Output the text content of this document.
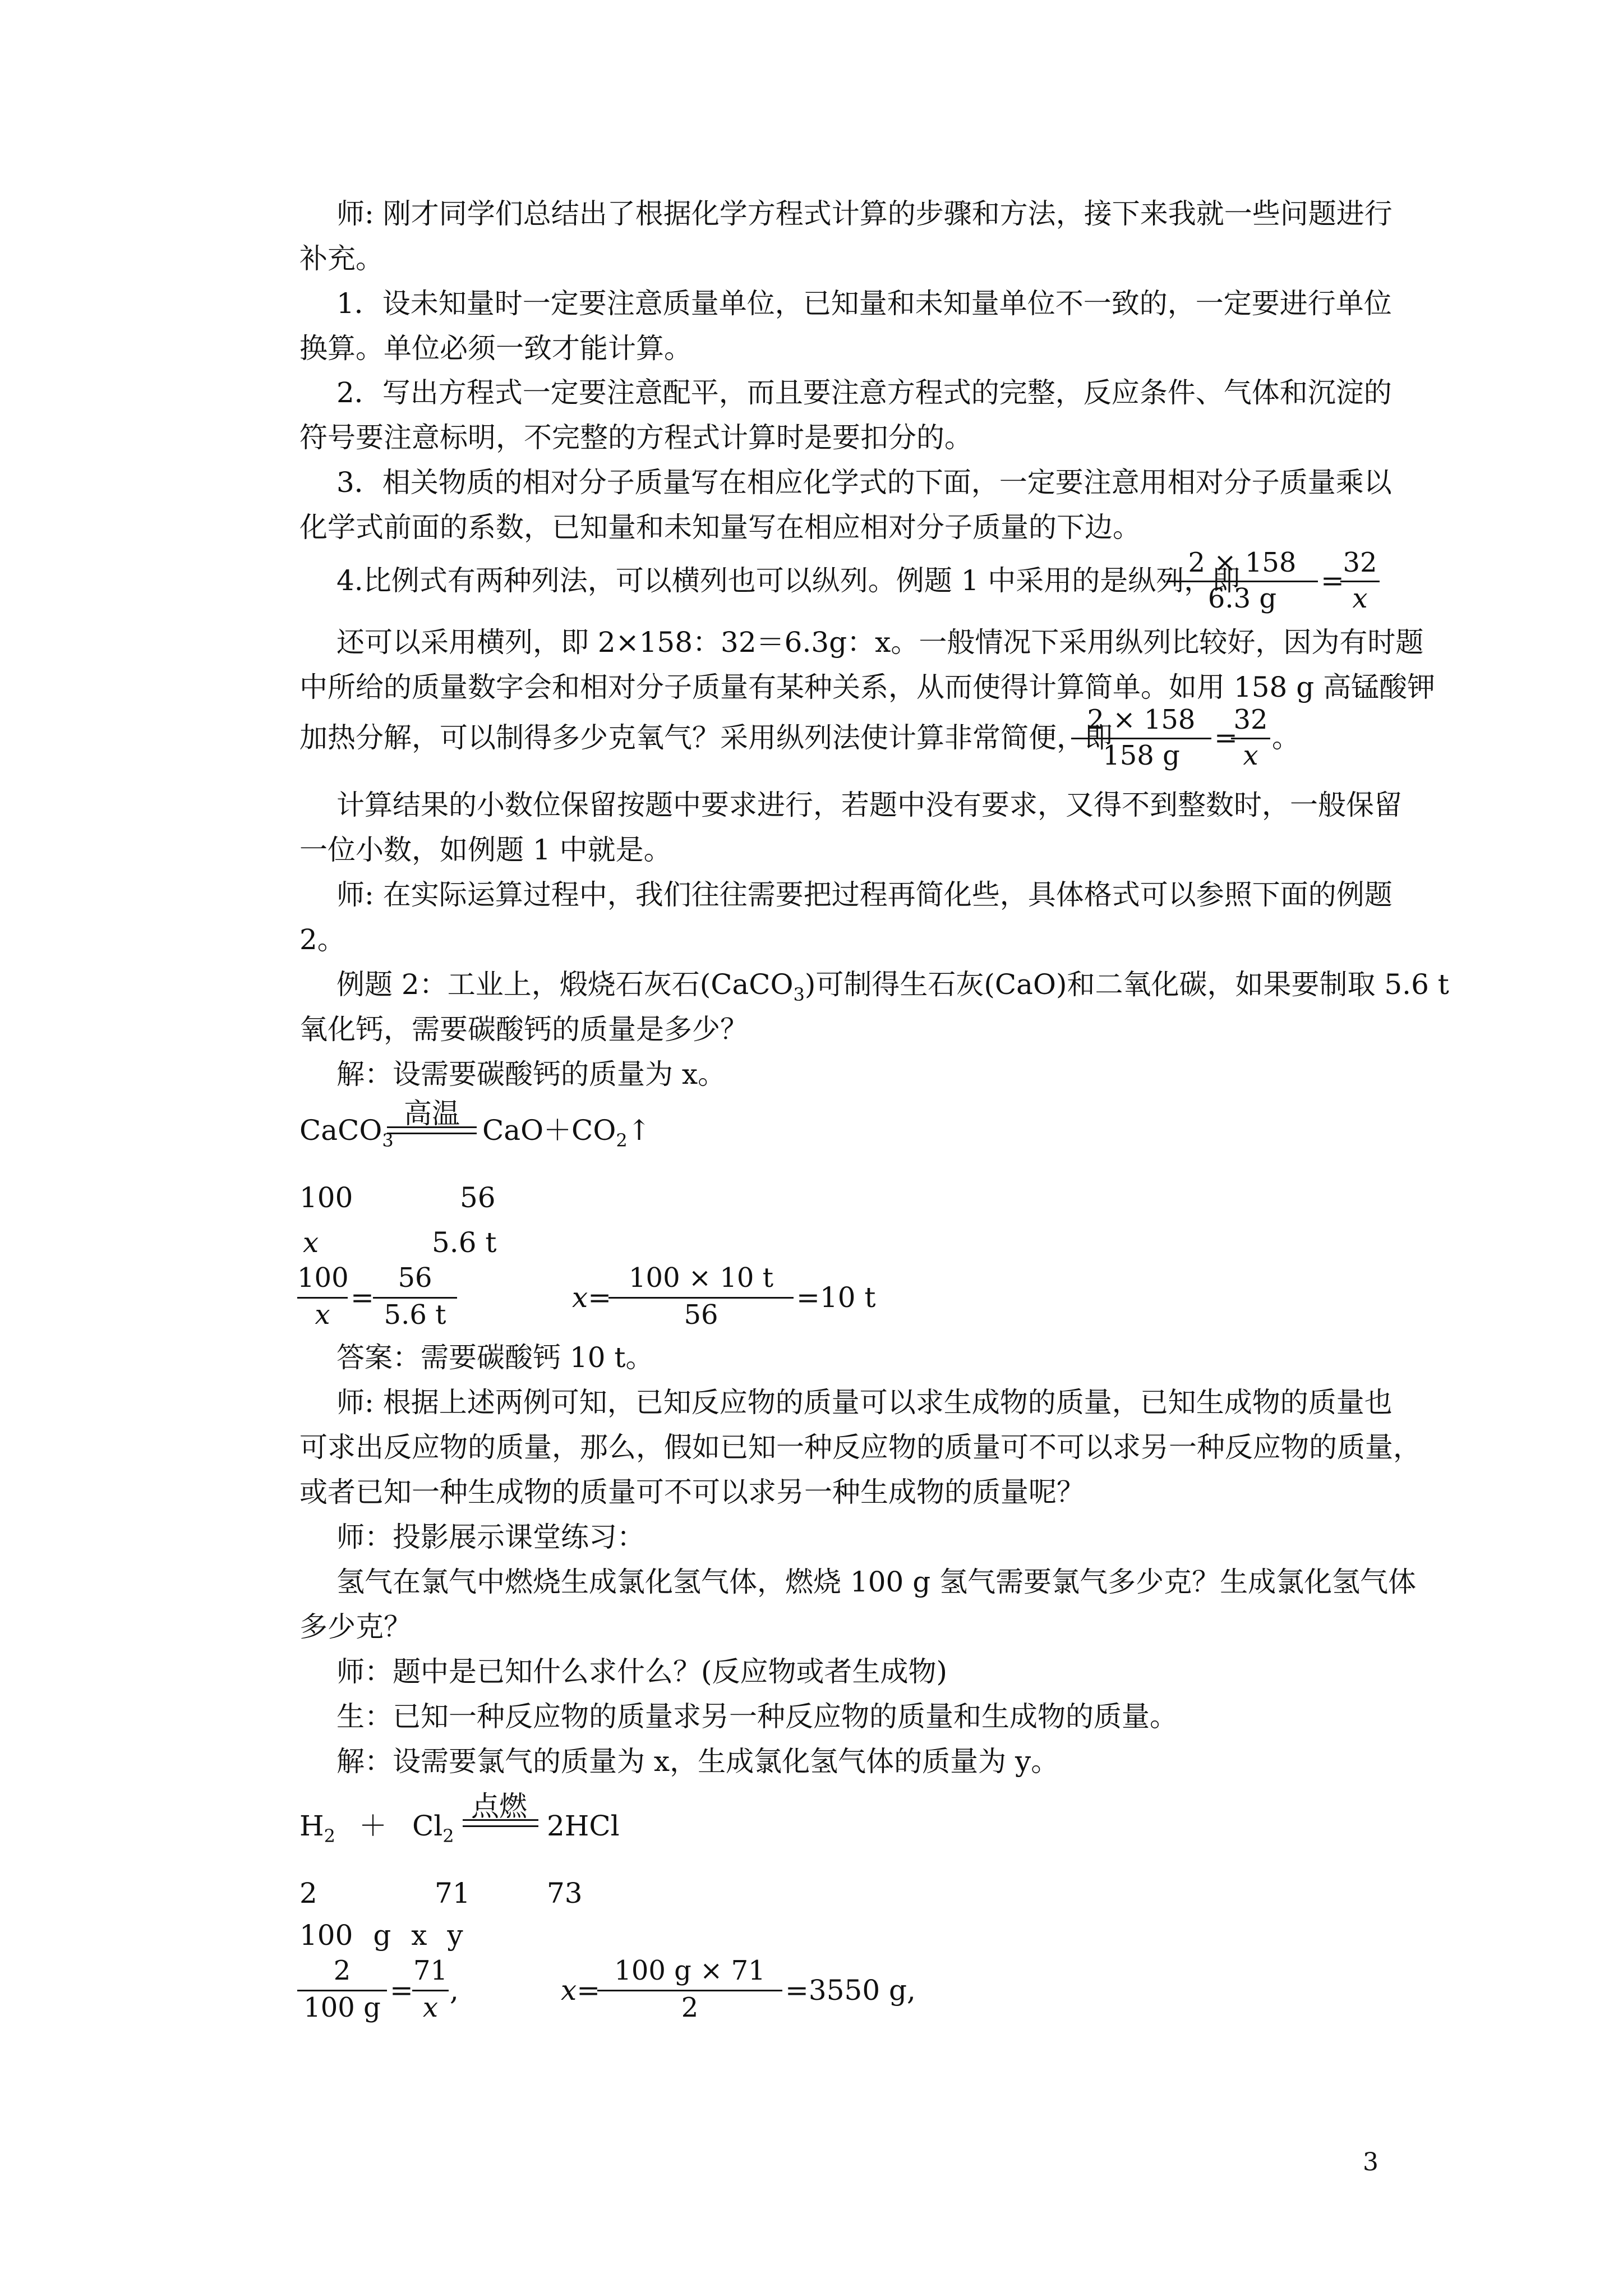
师: 刚才同学们总结出了根据化学方程式计算的步骤和方法，接下来我就一些问题进行
补充。
1．设未知量时一定要注意质量单位，已知量和未知量单位不一致的，一定要进行单位
换算。单位必须一致才能计算。
2．写出方程式一定要注意配平，而且要注意方程式的完整，反应条件、气体和沉淀的
符号要注意标明，不完整的方程式计算时是要扣分的。
3．相关物质的相对分子质量写在相应化学式的下面，一定要注意用相对分子质量乘以
化学式前面的系数，已知量和未知量写在相应相对分子质量的下边。
4.比例式有两种列法，可以横列也可以纵列。例题 1 中采用的是纵列，即
2 × 158
6.3 g
=
32
x
还可以采用横列，即 2×158：32＝6.3g：x。一般情况下采用纵列比较好，因为有时题
中所给的质量数字会和相对分子质量有某种关系，从而使得计算简单。如用 158 g 高锰酸钾
加热分解，可以制得多少克氧气？采用纵列法使计算非常简便，即
2 × 158
158 g
=
32
x
。
计算结果的小数位保留按题中要求进行，若题中没有要求，又得不到整数时，一般保留
一位小数，如例题 1 中就是。
师: 在实际运算过程中，我们往往需要把过程再简化些，具体格式可以参照下面的例题
2。
例题 2：工业上，煅烧石灰石(CaCO$_3$)可制得生石灰(CaO)和二氧化碳，如果要制取 5.6 t
氧化钙，需要碳酸钙的质量是多少？
解：设需要碳酸钙的质量为 x。
CaCO$_3$
高温
$CaO+CO_2↑$
100	56
x	5.6 t
100
x
=
56
5.6 t
x=
100 × 10 t
56
=10 t
答案：需要碳酸钙 10 t。
师: 根据上述两例可知，已知反应物的质量可以求生成物的质量，已知生成物的质量也
可求出反应物的质量，那么，假如已知一种反应物的质量可不可以求另一种反应物的质量，
或者已知一种生成物的质量可不可以求另一种生成物的质量呢？
师：投影展示课堂练习：
氢气在氯气中燃烧生成氯化氢气体，燃烧 100 g 氢气需要氯气多少克？生成氯化氢气体
多少克？
师：题中是已知什么求什么？(反应物或者生成物)
生：已知一种反应物的质量求另一种反应物的质量和生成物的质量。
解：设需要氯气的质量为 x，生成氯化氢气体的质量为 y。
$H_2 + Cl_2$
点燃
2HCl
2	71	73
100 g x y
2
100 g
=
71
x
,	x=
100 g × 71
2
=3550 g,
3
